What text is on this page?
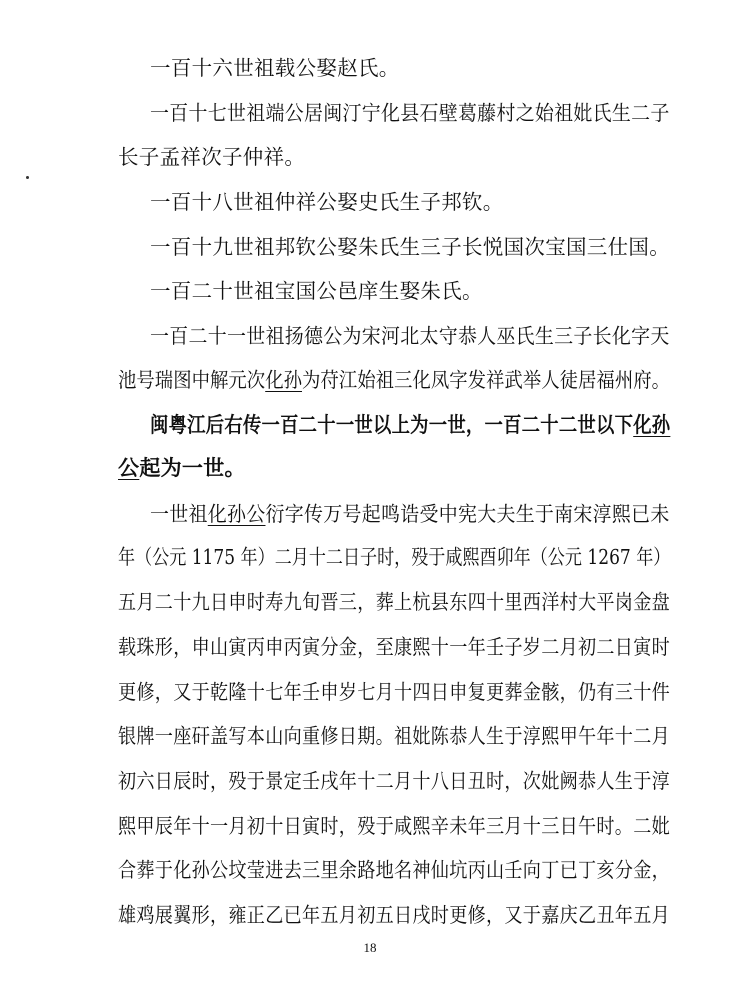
一百十六世祖载公娶赵氏。
一百十七世祖端公居闽汀宁化县石壁葛藤村之始祖妣氏生二子
长子孟祥次子仲祥。
一百十八世祖仲祥公娶史氏生子邦钦。
一百十九世祖邦钦公娶朱氏生三子长悦国次宝国三仕国。
一百二十世祖宝国公邑庠生娶朱氏。
一百二十一世祖扬德公为宋河北太守恭人巫氏生三子长化字天
池号瑞图中解元次化孙为苻江始祖三化凤字发祥武举人徒居福州府。
闽粤江后右传一百二十一世以上为一世，一百二十二世以下化孙
公起为一世。
一世祖化孙公衍字传万号起鸣诰受中宪大夫生于南宋淳熙已未
年（公元 1175 年）二月十二日子时，殁于咸熙酉卯年（公元 1267 年）
五月二十九日申时寿九旬晋三，葬上杭县东四十里西洋村大平岗金盘
载珠形，申山寅丙申丙寅分金，至康熙十一年壬子岁二月初二日寅时
更修，又于乾隆十七年壬申岁七月十四日申复更葬金骸，仍有三十件
银牌一座矸盖写本山向重修日期。祖妣陈恭人生于淳熙甲午年十二月
初六日辰时，殁于景定壬戌年十二月十八日丑时，次妣阙恭人生于淳
熙甲辰年十一月初十日寅时，殁于咸熙辛未年三月十三日午时。二妣
合葬于化孙公坟莹进去三里余路地名神仙坑丙山壬向丁已丁亥分金，
雄鸡展翼形，雍正乙已年五月初五日戌时更修，又于嘉庆乙丑年五月
18
